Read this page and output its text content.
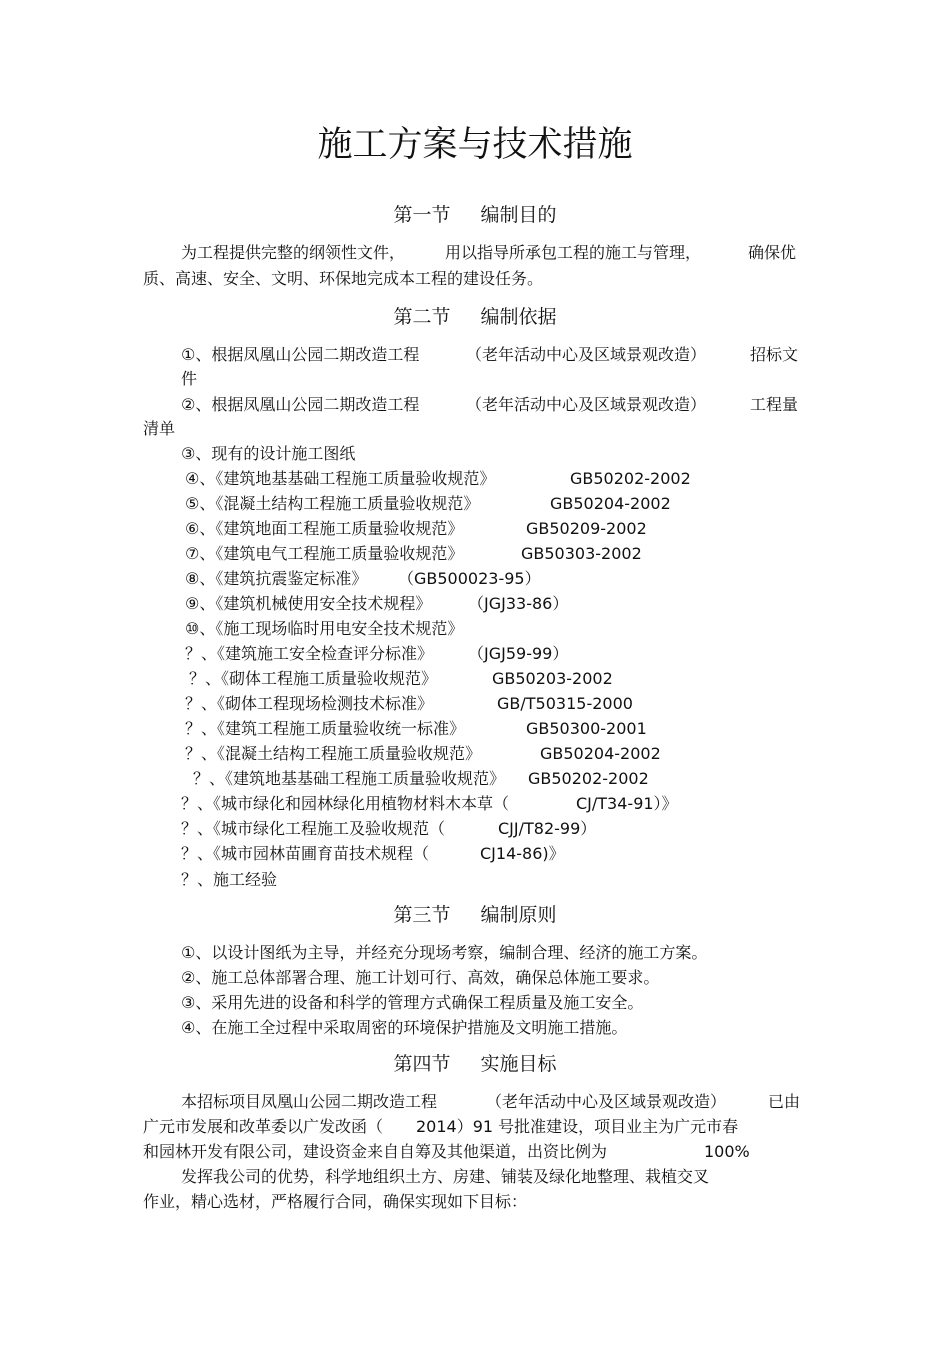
施工方案与技术措施
第一节 编制目的
为工程提供完整的纲领性文件， 用以指导所承包工程的施工与管理，	确保优
质、高速、安全、文明、环保地完成本工程的建设任务。
第二节 编制依据
①、根据凤凰山公园二期改造工程	（老年活动中心及区域景观改造）	招标文
件
②、根据凤凰山公园二期改造工程	（老年活动中心及区域景观改造）	工程量
清单
③、现有的设计施工图纸
④、《建筑地基基础工程施工质量验收规范》	GB50202-2002
⑤、《混凝土结构工程施工质量验收规范》	GB50204-2002
⑥、《建筑地面工程施工质量验收规范》	GB50209-2002
⑦、《建筑电气工程施工质量验收规范》	GB50303-2002
⑧、《建筑抗震鉴定标准》 （GB500023-95）
⑨、《建筑机械使用安全技术规程》 （JGJ33-86）
⑩、《施工现场临时用电安全技术规范》
？、《建筑施工安全检查评分标准》 （JGJ59-99）
？、《砌体工程施工质量验收规范》	GB50203-2002
？、《砌体工程现场检测技术标准》	GB/T50315-2000
？、《建筑工程施工质量验收统一标准》	GB50300-2001
？、《混凝土结构工程施工质量验收规范》	GB50204-2002
？、《建筑地基基础工程施工质量验收规范》 GB50202-2002
？、《城市绿化和园林绿化用植物材料木本草（	CJ/T34-91）》
？、《城市绿化工程施工及验收规范（	CJJ/T82-99）
？、《城市园林苗圃育苗技术规程（	CJ14-86)》
？、施工经验
第三节 编制原则
①、以设计图纸为主导，并经充分现场考察，编制合理、经济的施工方案。
②、施工总体部署合理、施工计划可行、高效，确保总体施工要求。
③、采用先进的设备和科学的管理方式确保工程质量及施工安全。
④、在施工全过程中采取周密的环境保护措施及文明施工措施。
第四节 实施目标
本招标项目凤凰山公园二期改造工程	（老年活动中心及区域景观改造）	已由
广元市发展和改革委以广发改函（ 2014）91 号批准建设，项目业主为广元市春
和园林开发有限公司，建设资金来自自筹及其他渠道，出资比例为	100%
发挥我公司的优势，科学地组织土方、房建、铺装及绿化地整理、栽植交叉
作业，精心选材，严格履行合同，确保实现如下目标：
